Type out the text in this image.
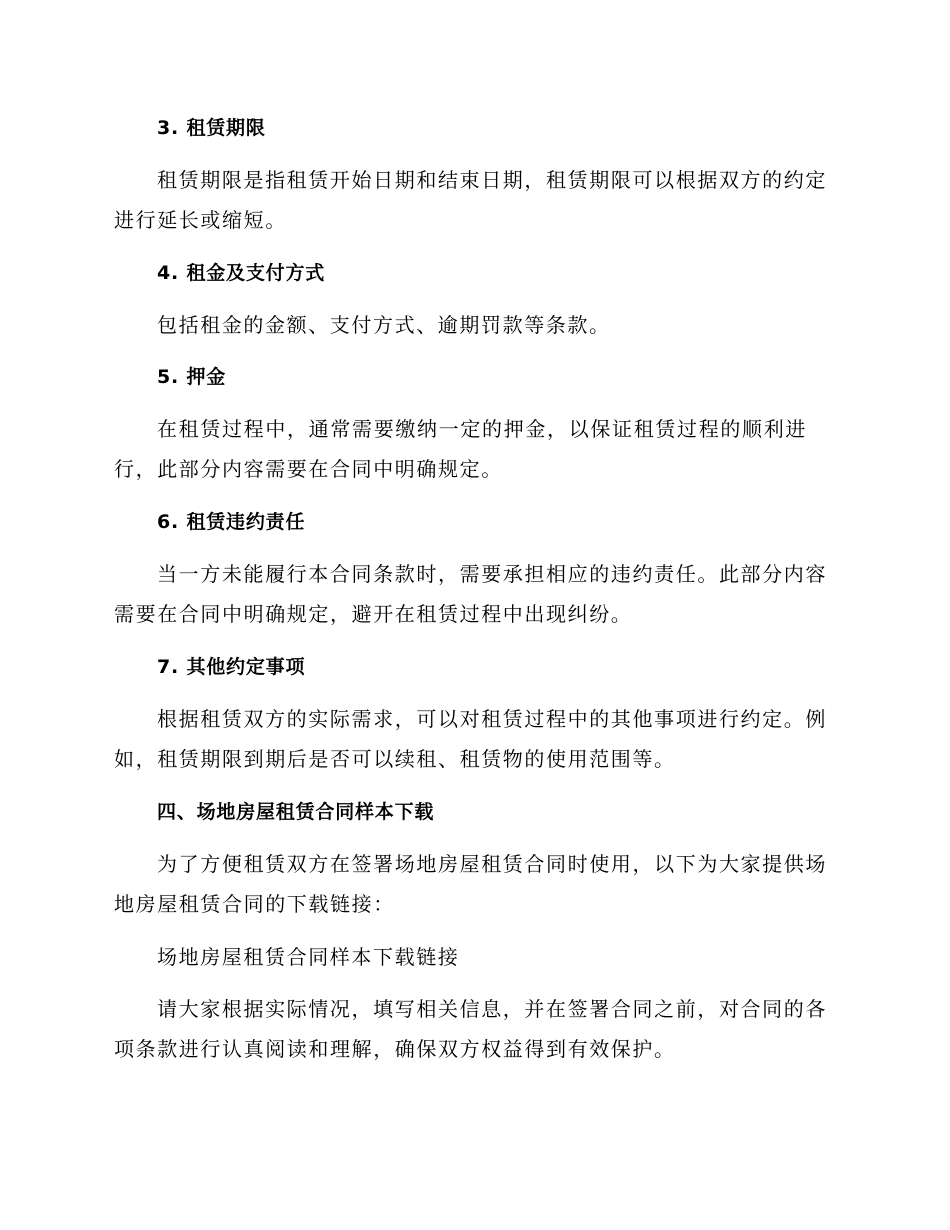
3. 租赁期限
租赁期限是指租赁开始日期和结束日期，租赁期限可以根据双方的约定
进行延长或缩短。
4. 租金及支付方式
包括租金的金额、支付方式、逾期罚款等条款。
5. 押金
在租赁过程中，通常需要缴纳一定的押金，以保证租赁过程的顺利进
行，此部分内容需要在合同中明确规定。
6. 租赁违约责任
当一方未能履行本合同条款时，需要承担相应的违约责任。此部分内容
需要在合同中明确规定，避开在租赁过程中出现纠纷。
7. 其他约定事项
根据租赁双方的实际需求，可以对租赁过程中的其他事项进行约定。例
如，租赁期限到期后是否可以续租、租赁物的使用范围等。
四、场地房屋租赁合同样本下载
为了方便租赁双方在签署场地房屋租赁合同时使用，以下为大家提供场
地房屋租赁合同的下载链接：
场地房屋租赁合同样本下载链接
请大家根据实际情况，填写相关信息，并在签署合同之前，对合同的各
项条款进行认真阅读和理解，确保双方权益得到有效保护。
